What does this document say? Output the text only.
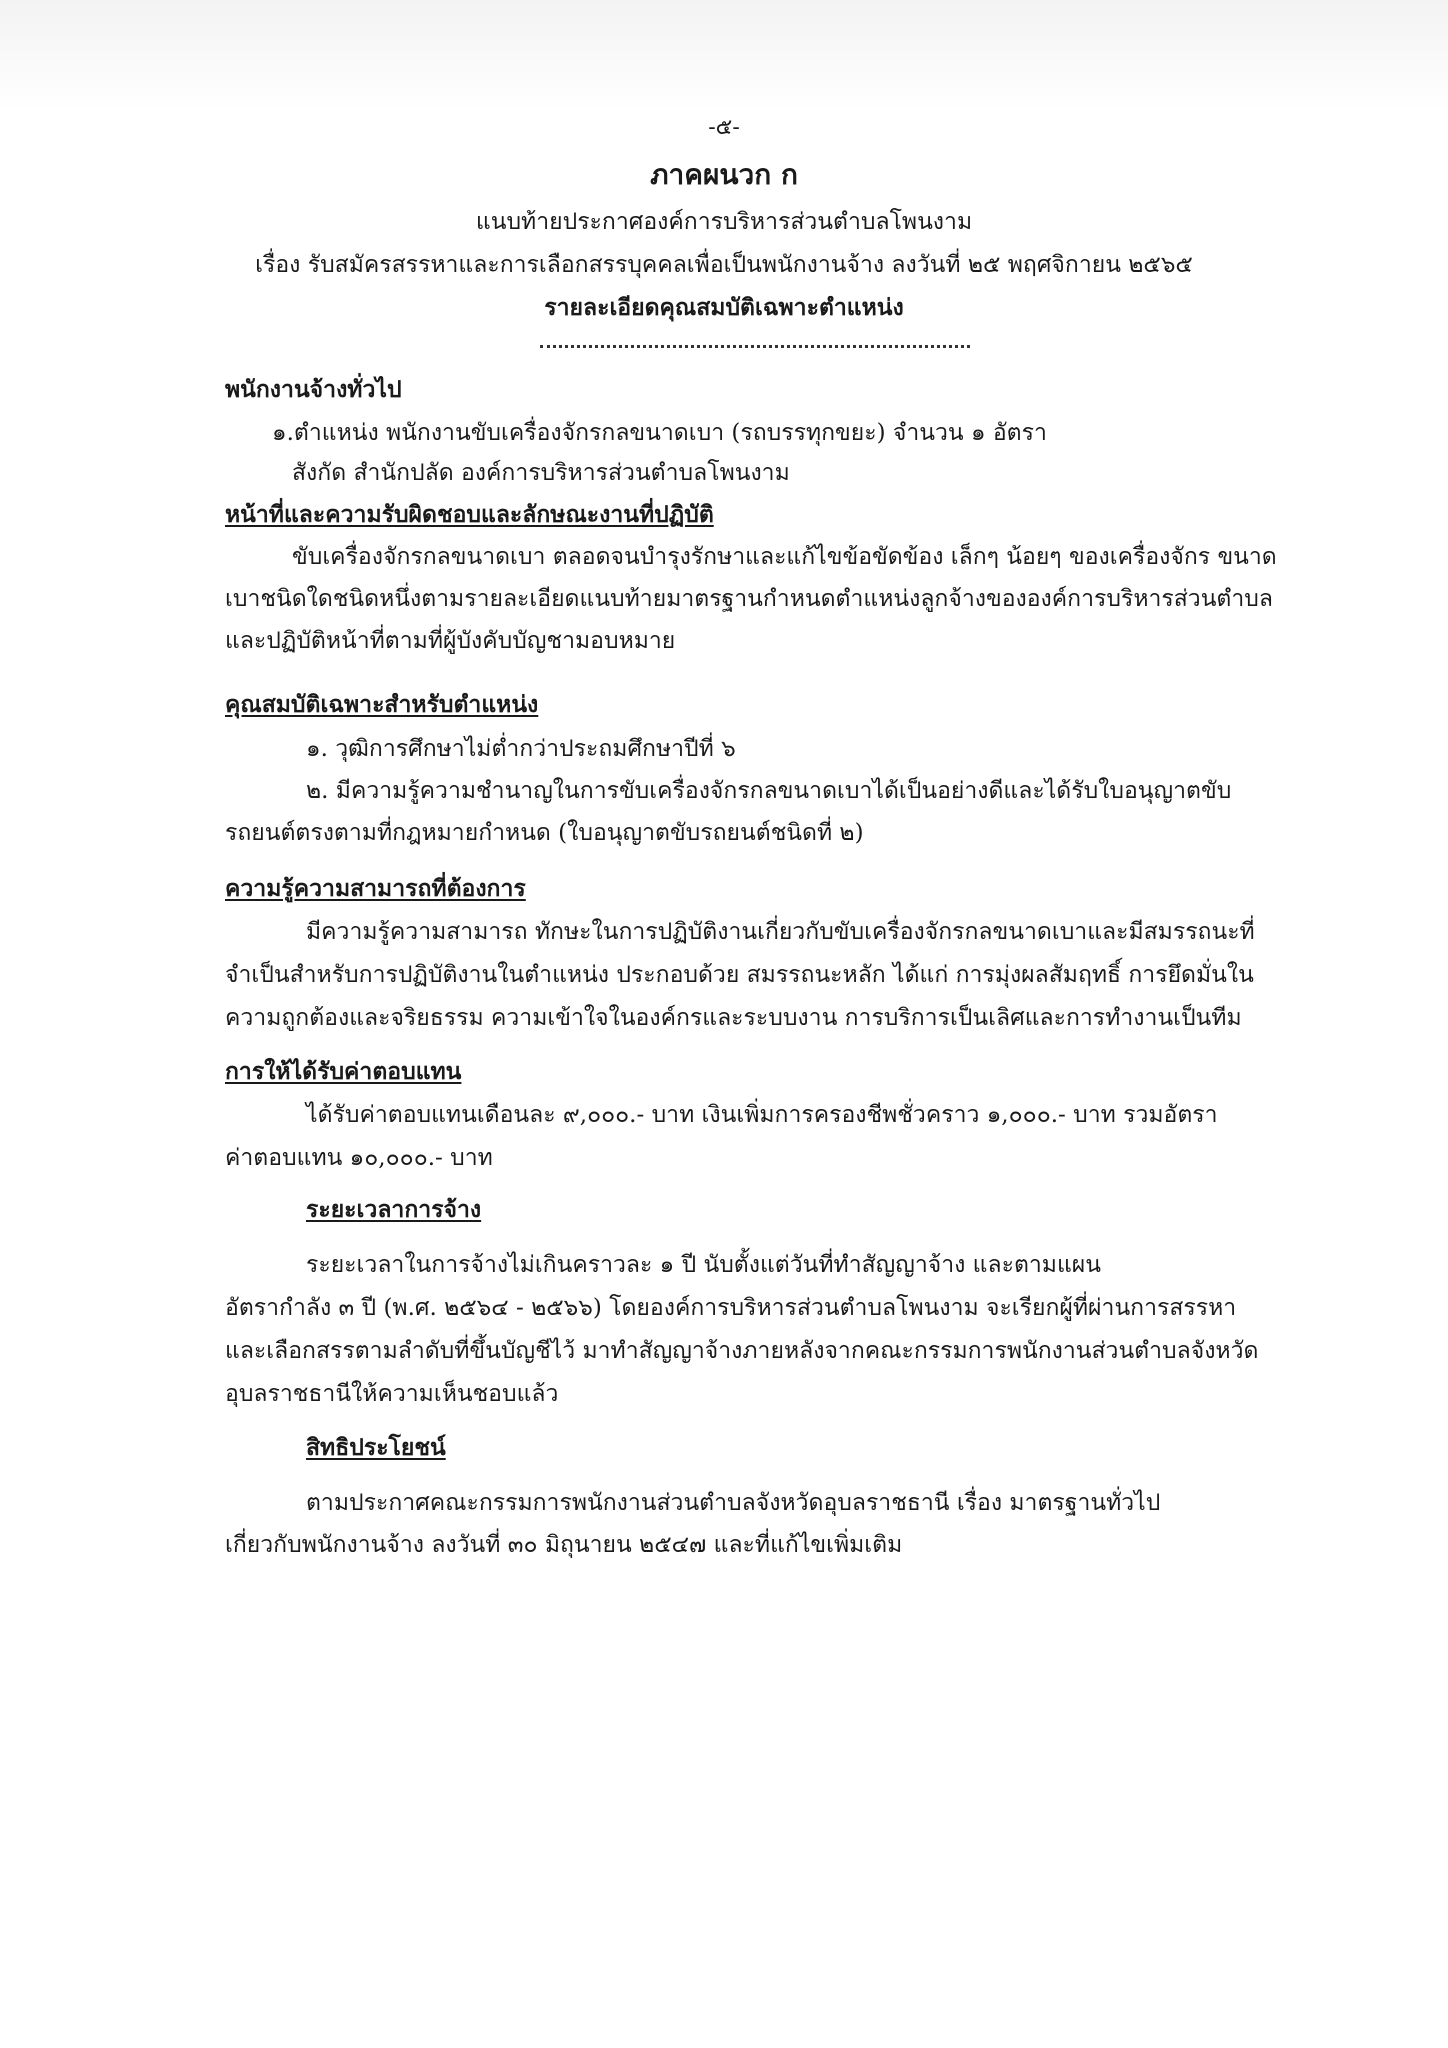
-๕-
ภาคผนวก ก
แนบท้ายประกาศองค์การบริหารส่วนตำบลโพนงาม
เรื่อง รับสมัครสรรหาและการเลือกสรรบุคคลเพื่อเป็นพนักงานจ้าง ลงวันที่ ๒๕ พฤศจิกายน ๒๕๖๕
รายละเอียดคุณสมบัติเฉพาะตำแหน่ง
พนักงานจ้างทั่วไป
๑.ตำแหน่ง พนักงานขับเครื่องจักรกลขนาดเบา (รถบรรทุกขยะ) จำนวน ๑ อัตรา
สังกัด สำนักปลัด องค์การบริหารส่วนตำบลโพนงาม
หน้าที่และความรับผิดชอบและลักษณะงานที่ปฏิบัติ
ขับเครื่องจักรกลขนาดเบา ตลอดจนบำรุงรักษาและแก้ไขข้อขัดข้อง เล็กๆ น้อยๆ ของเครื่องจักร ขนาด
เบาชนิดใดชนิดหนึ่งตามรายละเอียดแนบท้ายมาตรฐานกำหนดตำแหน่งลูกจ้างขององค์การบริหารส่วนตำบล
และปฏิบัติหน้าที่ตามที่ผู้บังคับบัญชามอบหมาย
คุณสมบัติเฉพาะสำหรับตำแหน่ง
๑. วุฒิการศึกษาไม่ต่ำกว่าประถมศึกษาปีที่ ๖
๒. มีความรู้ความชำนาญในการขับเครื่องจักรกลขนาดเบาได้เป็นอย่างดีและได้รับใบอนุญาตขับ
รถยนต์ตรงตามที่กฎหมายกำหนด (ใบอนุญาตขับรถยนต์ชนิดที่ ๒)
ความรู้ความสามารถที่ต้องการ
มีความรู้ความสามารถ ทักษะในการปฏิบัติงานเกี่ยวกับขับเครื่องจักรกลขนาดเบาและมีสมรรถนะที่
จำเป็นสำหรับการปฏิบัติงานในตำแหน่ง ประกอบด้วย สมรรถนะหลัก ได้แก่ การมุ่งผลสัมฤทธิ์ การยึดมั่นใน
ความถูกต้องและจริยธรรม ความเข้าใจในองค์กรและระบบงาน การบริการเป็นเลิศและการทำงานเป็นทีม
การให้ได้รับค่าตอบแทน
ได้รับค่าตอบแทนเดือนละ ๙,๐๐๐.- บาท เงินเพิ่มการครองชีพชั่วคราว ๑,๐๐๐.- บาท รวมอัตรา
ค่าตอบแทน ๑๐,๐๐๐.- บาท
ระยะเวลาการจ้าง
ระยะเวลาในการจ้างไม่เกินคราวละ ๑ ปี นับตั้งแต่วันที่ทำสัญญาจ้าง และตามแผน
อัตรากำลัง ๓ ปี (พ.ศ. ๒๕๖๔ - ๒๕๖๖) โดยองค์การบริหารส่วนตำบลโพนงาม จะเรียกผู้ที่ผ่านการสรรหา
และเลือกสรรตามลำดับที่ขึ้นบัญชีไว้ มาทำสัญญาจ้างภายหลังจากคณะกรรมการพนักงานส่วนตำบลจังหวัด
อุบลราชธานีให้ความเห็นชอบแล้ว
สิทธิประโยชน์
ตามประกาศคณะกรรมการพนักงานส่วนตำบลจังหวัดอุบลราชธานี เรื่อง มาตรฐานทั่วไป
เกี่ยวกับพนักงานจ้าง ลงวันที่ ๓๐ มิถุนายน ๒๕๔๗ และที่แก้ไขเพิ่มเติม
